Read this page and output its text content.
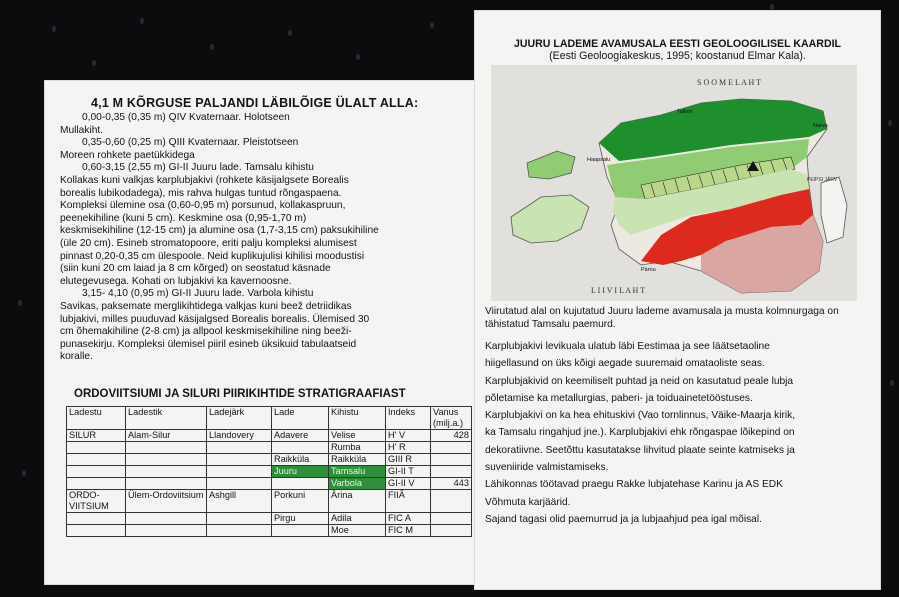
4,1 M KÕRGUSE PALJANDI LÄBILÕIGE ÜLALT ALLA:

0,00-0,35 (0,35 m) QIV Kvaternaar. Holotseen

Mullakiht.

0,35-0,60 (0,25 m) QIII Kvaternaar. Pleistotseen

Moreen rohkete paetükkidega

0,60-3,15 (2,55 m) GI-II Juuru lade. Tamsalu kihistu

Kollakas kuni valkjas karplubjakivi (rohkete käsijalgsete Borealis

borealis lubikodadega), mis rahva hulgas tuntud rõngaspaena.

Kompleksi ülemine osa (0,60-0,95 m) porsunud, kollakaspruun,

peenekihiline (kuni 5 cm). Keskmine osa (0,95-1,70 m)

keskmisekihiline (12-15 cm) ja alumine osa (1,7-3,15 cm) paksukihiline

(üle 20 cm). Esineb stromatopoore, eriti palju kompleksi alumisest

pinnast 0,20-0,35 cm ülespoole. Neid kuplikujulisi kihilisi moodustisi

(siin kuni 20 cm laiad ja 8 cm kõrged) on seostatud käsnade

elutegevusega. Kohati on lubjakivi ka kavernoosne.

3,15- 4,10 (0,95 m) GI-II Juuru lade. Varbola kihistu

Savikas, paksemate merglikihtidega valkjas kuni beež detriidikas

lubjakivi, milles puuduvad käsijalgsed Borealis borealis. Ülemised 30

cm õhemakihiline (2-8 cm) ja allpool keskmisekihiline ning beeži-

punasekirju. Kompleksi ülemisel piiril esineb üksikuid tabulaatseid

koralle.

ORDOVIITSIUMI JA SILURI PIIRIKIHTIDE STRATIGRAAFIAST
Ladestu	Ladestik	Ladejärk	Lade	Kihistu	Indeks	Vanus (milj.a.)
SILUR	Alam-Silur	Llandovery	Adavere	Velise	H' V	428
				Rumba	H' R	
			Raikküla	Raikküla	GIII R	
			Juuru	Tamsalu	GI-II T	
				Varbola	GI-II V	443
ORDO-VIITSIUM	Ülem-Ordoviitsium	Ashgill	Porkuni	Ärina	FIIÄ	
			Pirgu	Adila	FIC A	
				Moe	FIC M	
JUURU LADEME AVAMUSALA EESTI GEOLOOGILISEL KAARDIL
(Eesti Geoloogiakeskus, 1995; koostanud Elmar Kala).
S O O M E L A H T
L I I V I L A H T
PEIPSI JÄRV
Tallinn
Pärnu
Narva
Haapsalu

Viirutatud alal on kujutatud Juuru lademe avamusala ja musta kolmnurgaga on tähistatud Tamsalu paemurd.

Karplubjakivi levikuala ulatub läbi Eestimaa ja see läätsetaoline

hiigellasund on üks kõigi aegade suuremaid omataoliste seas.

Karplubjakivid on keemiliselt puhtad ja neid on kasutatud peale lubja

põletamise ka metallurgias, paberi- ja toiduainetetööstuses.

Karplubjakivi on ka hea ehituskivi (Vao tornlinnus, Väike-Maarja kirik,

ka Tamsalu ringahjud jne.). Karplubjakivi ehk rõngaspae lõikepind on

dekoratiivne. Seetõttu kasutatakse lihvitud plaate seinte katmiseks ja

suveniiride valmistamiseks.

Lähikonnas töötavad praegu Rakke lubjatehase Karinu ja AS EDK

Võhmuta karjäärid.

Sajand tagasi olid paemurrud ja ja lubjaahjud pea igal mõisal.
